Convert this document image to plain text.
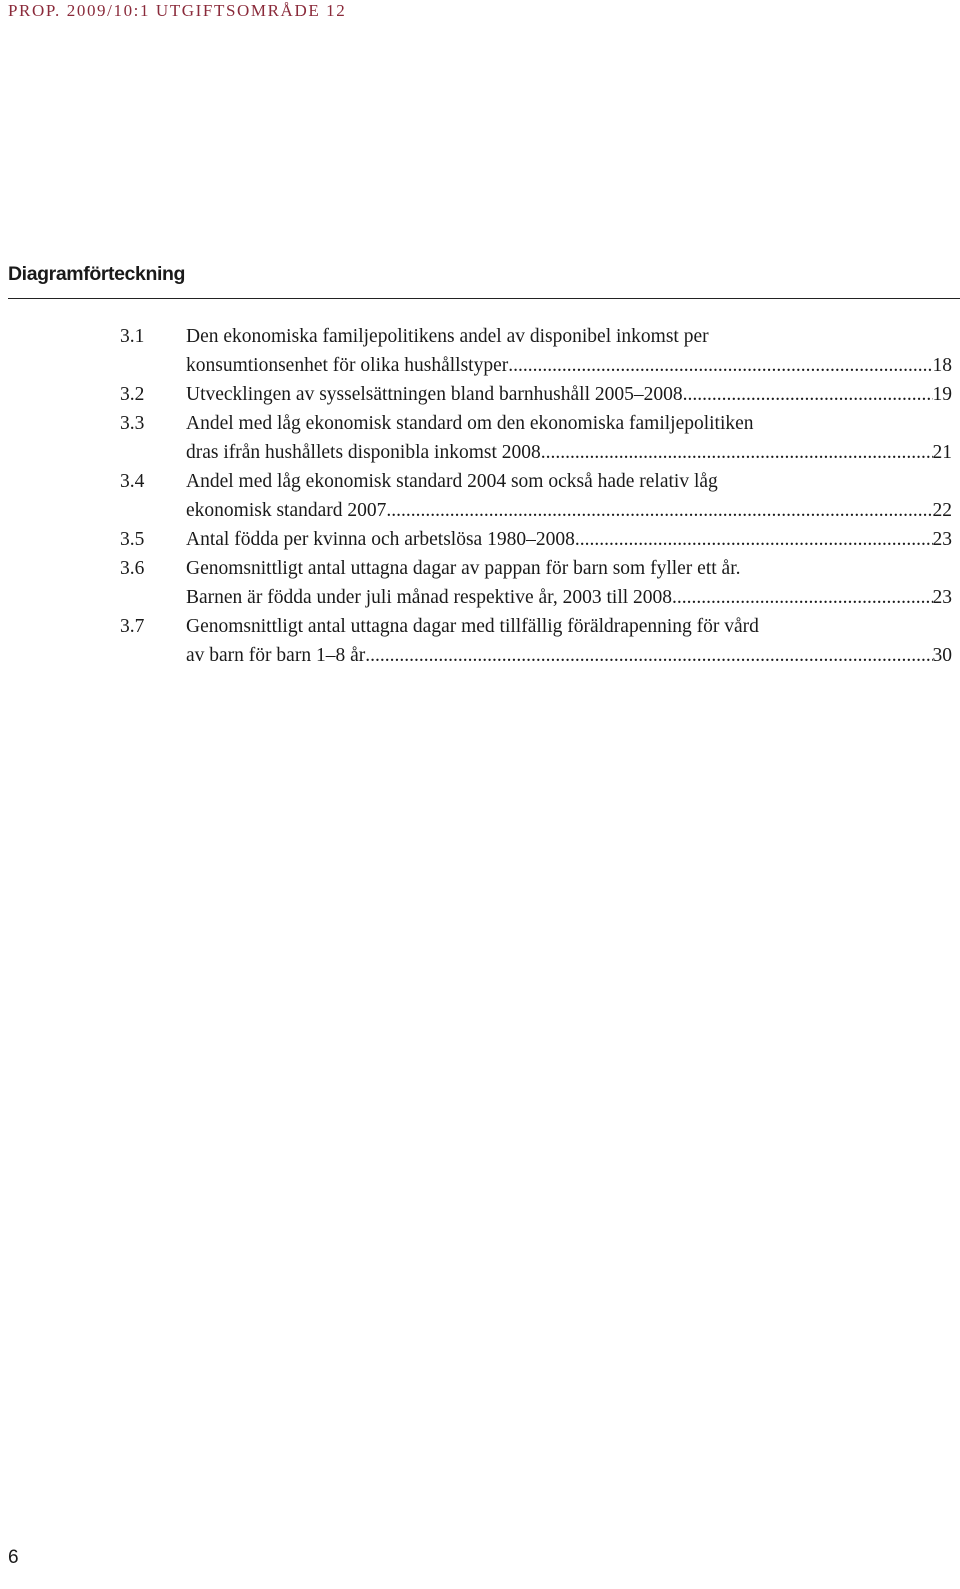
PROP. 2009/10:1 UTGIFTSOMRÅDE 12
Diagramförteckning
3.1	Den ekonomiska familjepolitikens andel av disponibel inkomst per
konsumtionsenhet för olika hushållstyper .....	18
3.2	Utvecklingen av sysselsättningen bland barnhushåll 2005–2008 .....	19
3.3	Andel med låg ekonomisk standard om den ekonomiska familjepolitiken
dras ifrån hushållets disponibla inkomst 2008 .....	21
3.4	Andel med låg ekonomisk standard 2004 som också hade relativ låg
ekonomisk standard 2007 .....	22
3.5	Antal födda per kvinna och arbetslösa 1980–2008 .....	23
3.6	Genomsnittligt antal uttagna dagar av pappan för barn som fyller ett år.
Barnen är födda under juli månad respektive år, 2003 till 2008 .....	23
3.7	Genomsnittligt antal uttagna dagar med tillfällig föräldrapenning för vård
av barn för barn 1–8 år .....	30
6
